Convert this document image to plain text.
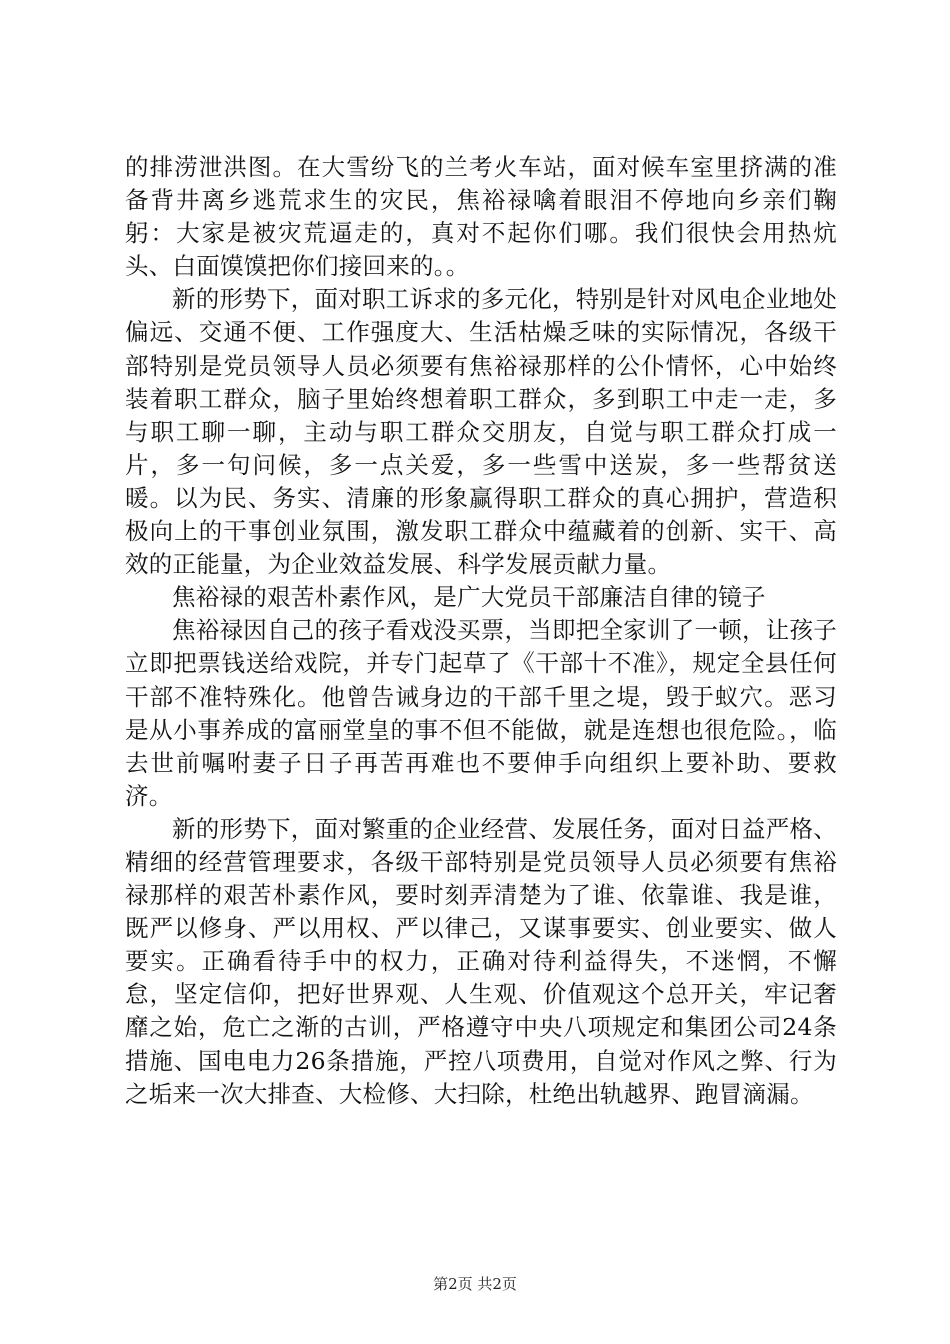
的排涝泄洪图。在大雪纷飞的兰考火车站，面对候车室里挤满的准备背井离乡逃荒求生的灾民，焦裕禄噙着眼泪不停地向乡亲们鞠躬：大家是被灾荒逼走的，真对不起你们哪。我们很快会用热炕头、白面馍馍把你们接回来的。。

新的形势下，面对职工诉求的多元化，特别是针对风电企业地处偏远、交通不便、工作强度大、生活枯燥乏味的实际情况，各级干部特别是党员领导人员必须要有焦裕禄那样的公仆情怀，心中始终装着职工群众，脑子里始终想着职工群众，多到职工中走一走，多与职工聊一聊，主动与职工群众交朋友，自觉与职工群众打成一片，多一句问候，多一点关爱，多一些雪中送炭，多一些帮贫送暖。以为民、务实、清廉的形象赢得职工群众的真心拥护，营造积极向上的干事创业氛围，激发职工群众中蕴藏着的创新、实干、高效的正能量，为企业效益发展、科学发展贡献力量。

焦裕禄的艰苦朴素作风，是广大党员干部廉洁自律的镜子

焦裕禄因自己的孩子看戏没买票，当即把全家训了一顿，让孩子立即把票钱送给戏院，并专门起草了《干部十不准》，规定全县任何干部不准特殊化。他曾告诫身边的干部千里之堤，毁于蚁穴。恶习是从小事养成的富丽堂皇的事不但不能做，就是连想也很危险。，临去世前嘱咐妻子日子再苦再难也不要伸手向组织上要补助、要救济。

新的形势下，面对繁重的企业经营、发展任务，面对日益严格、精细的经营管理要求，各级干部特别是党员领导人员必须要有焦裕禄那样的艰苦朴素作风，要时刻弄清楚为了谁、依靠谁、我是谁，既严以修身、严以用权、严以律己，又谋事要实、创业要实、做人要实。正确看待手中的权力，正确对待利益得失，不迷惘，不懈怠，坚定信仰，把好世界观、人生观、价值观这个总开关，牢记奢靡之始，危亡之渐的古训，严格遵守中央八项规定和集团公司24条措施、国电电力26条措施，严控八项费用，自觉对作风之弊、行为之垢来一次大排查、大检修、大扫除，杜绝出轨越界、跑冒滴漏。

第2页 共2页
